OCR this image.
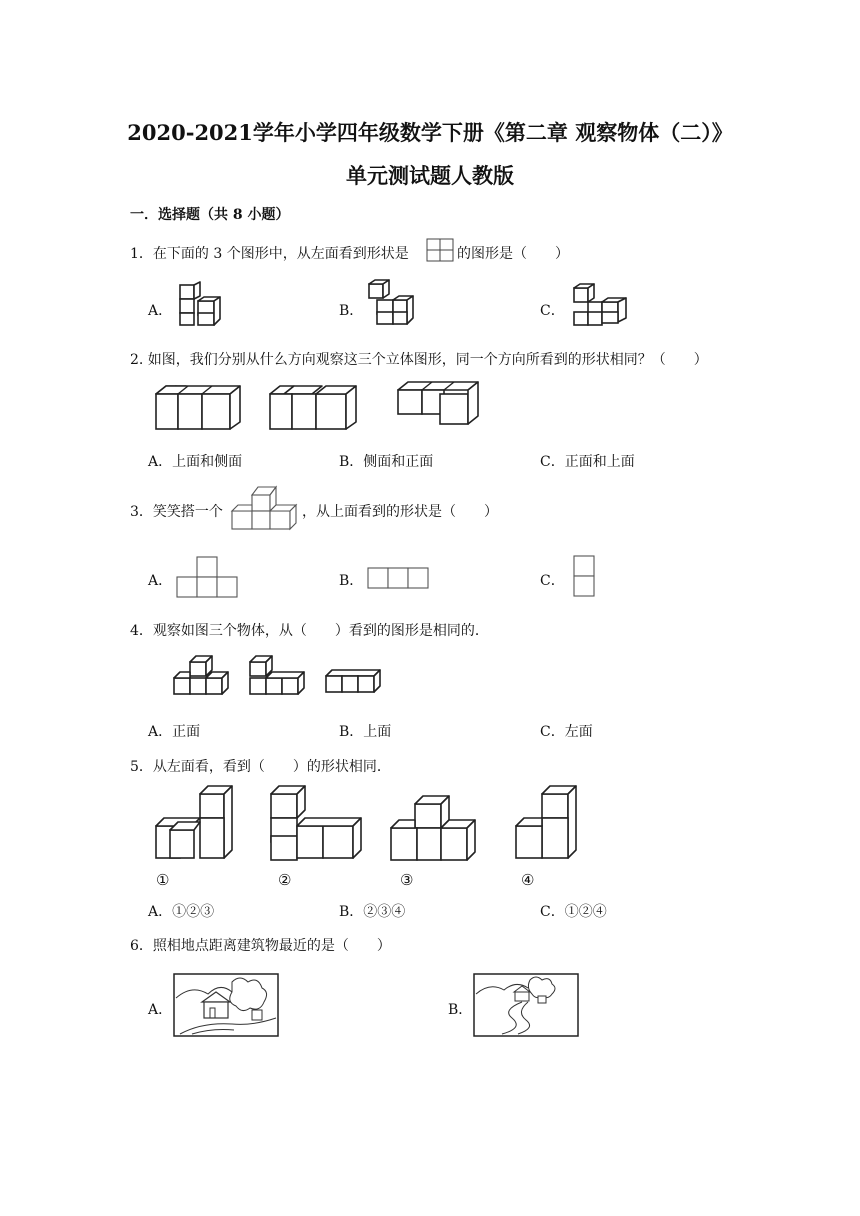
2020-2021学年小学四年级数学下册《第二章 观察物体（二）》
单元测试题人教版
一．选择题（共 8 小题）
1．在下面的 3 个图形中，从左面看到形状是	的图形是（　　）
A．	B．	C．
2. 如图，我们分别从什么方向观察这三个立体图形，同一个方向所看到的形状相同？（　　）
A．上面和侧面	B．侧面和正面	C．正面和上面
3．笑笑搭一个	，从上面看到的形状是（　　）
A．	B．	C．
4．观察如图三个物体，从（　　）看到的图形是相同的．
A．正面	B．上面	C．左面
5．从左面看，看到（　　）的形状相同．
①	②	③	④
A．①②③	B．②③④	C．①②④
6．照相地点距离建筑物最近的是（　　）
A．	B．
